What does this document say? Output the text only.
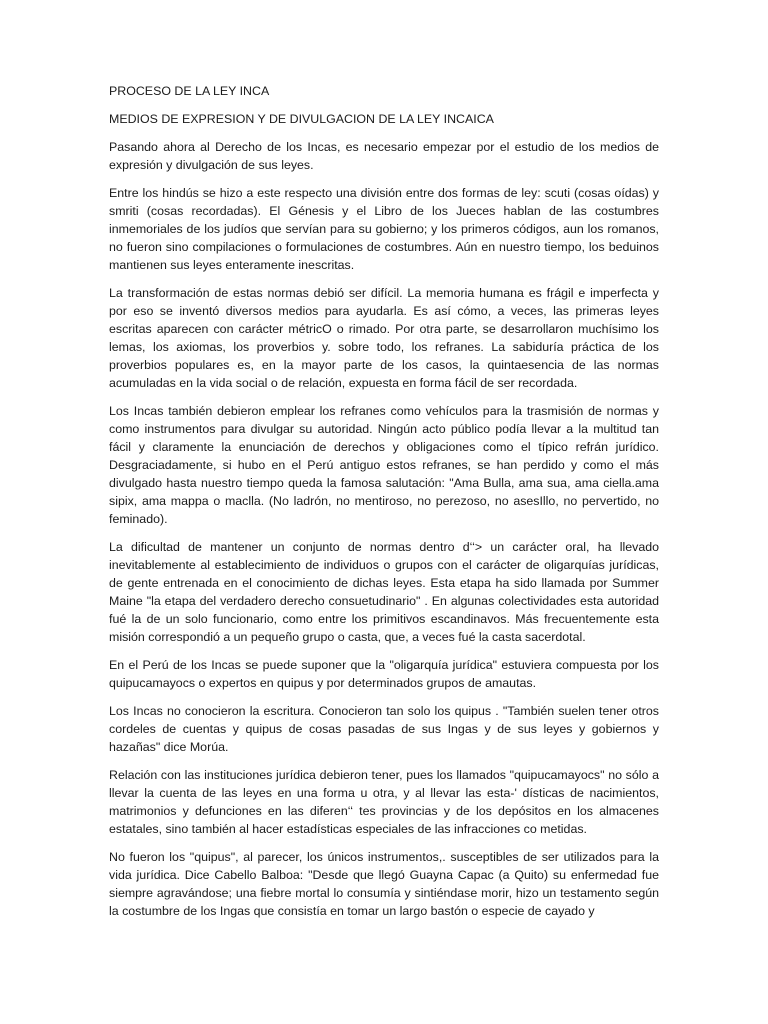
PROCESO DE LA LEY INCA

MEDIOS DE EXPRESION Y DE DIVULGACION DE LA LEY INCAICA

Pasando ahora al Derecho de los Incas, es necesario empezar por el estudio de los medios de expresión y divulgación de sus leyes.

Entre los hindús se hizo a este respecto una división entre dos formas de ley: scuti (cosas oídas) y smriti (cosas recordadas). El Génesis y el Libro de los Jueces hablan de las costumbres inmemoriales de los judíos que servían para su gobierno; y los primeros códigos, aun los romanos, no fueron sino compilaciones o formulaciones de costumbres. Aún en nuestro tiempo, los beduinos mantienen sus leyes enteramente inescritas.

La transformación de estas normas debió ser difícil. La memoria humana es frágil e imperfecta y por eso se inventó diversos medios para ayudarla. Es así cómo, a veces, las primeras leyes escritas aparecen con carácter métricO o rimado. Por otra parte, se desarrollaron muchísimo los lemas, los axiomas, los proverbios y. sobre todo, los refranes. La sabiduría práctica de los proverbios populares es, en la mayor parte de los casos, la quintaesencia de las normas acumuladas en la vida social o de relación, expuesta en forma fácil de ser recordada.

Los Incas también debieron emplear los refranes como vehículos para la trasmisión de normas y como instrumentos para divulgar su autoridad. Ningún acto público podía llevar a la multitud tan fácil y claramente la enunciación de derechos y obligaciones como el típico refrán jurídico. Desgraciadamente, si hubo en el Perú antiguo estos refranes, se han perdido y como el más divulgado hasta nuestro tiempo queda la famosa salutación: "Ama Bulla, ama sua, ama ciella.ama sipix, ama mappa o maclla. (No ladrón, no mentiroso, no perezoso, no asesIllo, no pervertido, no feminado).

La dificultad de mantener un conjunto de normas dentro d‘‘> un carácter oral, ha llevado inevitablemente al establecimiento de individuos o grupos con el carácter de oligarquías jurídicas, de gente entrenada en el conocimiento de dichas leyes. Esta etapa ha sido llamada por Summer Maine "la etapa del verdadero derecho consuetudinario" . En algunas colectividades esta autoridad fué la de un solo funcionario, como entre los primitivos escandinavos. Más frecuentemente esta misión correspondió a un pequeño grupo o casta, que, a veces fué la casta sacerdotal.

En el Perú de los Incas se puede suponer que la "oligarquía jurídica" estuviera compuesta por los quipucamayocs o expertos en quipus y por determinados grupos de amautas.

Los Incas no conocieron la escritura. Conocieron tan solo los quipus . "También suelen tener otros cordeles de cuentas y quipus de cosas pasadas de sus Ingas y de sus leyes y gobiernos y hazañas" dice Morúa.

Relación con las instituciones jurídica debieron tener, pues los llamados "quipucamayocs" no sólo a llevar la cuenta de las leyes en una forma u otra, y al llevar las esta-' dísticas de nacimientos, matrimonios y defunciones en las diferen‘‘ tes provincias y de los depósitos en los almacenes estatales, sino también al hacer estadísticas especiales de las infracciones co metidas.

No fueron los "quipus", al parecer, los únicos instrumentos,. susceptibles de ser utilizados para la vida jurídica. Dice Cabello Balboa: "Desde que llegó Guayna Capac (a Quito) su enfermedad fue siempre agravándose; una fiebre mortal lo consumía y sintiéndase morir, hizo un testamento según la costumbre de los Ingas que consistía en tomar un largo bastón o especie de cayado y
